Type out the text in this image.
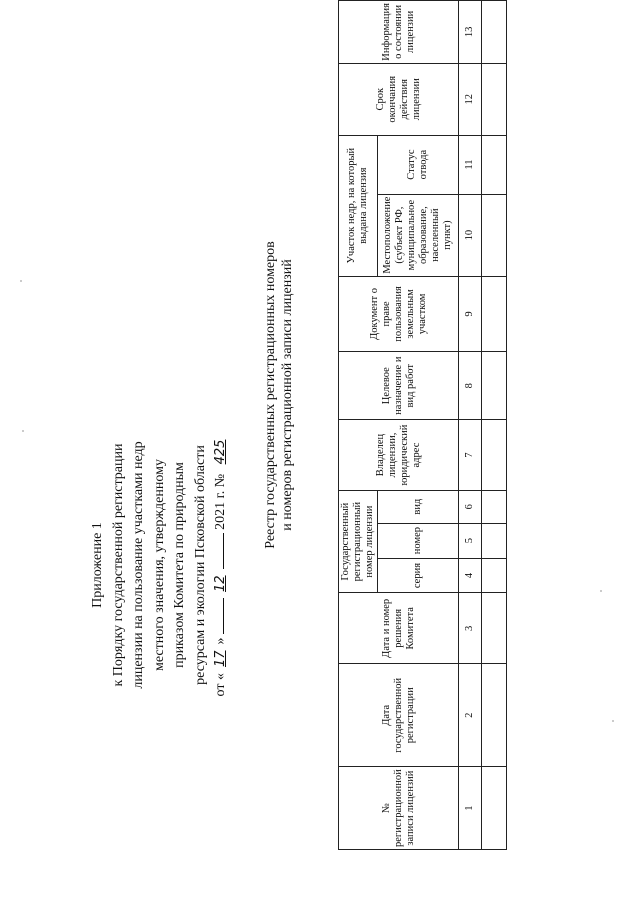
Приложение 1 к Порядку государственной регистрации лицензии на пользование участками недр местного значения, утвержденному приказом Комитета по природным ресурсам и экологии Псковской области от «17» 12 2021 г. № 425	Реестр государственных регистрационных номеров и номеров регистрационной записи лицензий
№ регистрационной записи лицензий	Дата государственной регистрации	Дата и номер решения Комитета	Государственный регистрационный номер лицензии			Владелец лицензии, юридический адрес	Целевое назначение и вид работ	Документ о праве пользования земельным участком	Участок недр, на который выдана лицензия		Срок окончания действия лицензии	Информация о состоянии лицензии
			серия	номер	вид				Местоположение (субъект РФ, муниципальное образование, населенный пункт)	Статус отвода		
1	2	3	4	5	6	7	8	9	10	11	12	13
